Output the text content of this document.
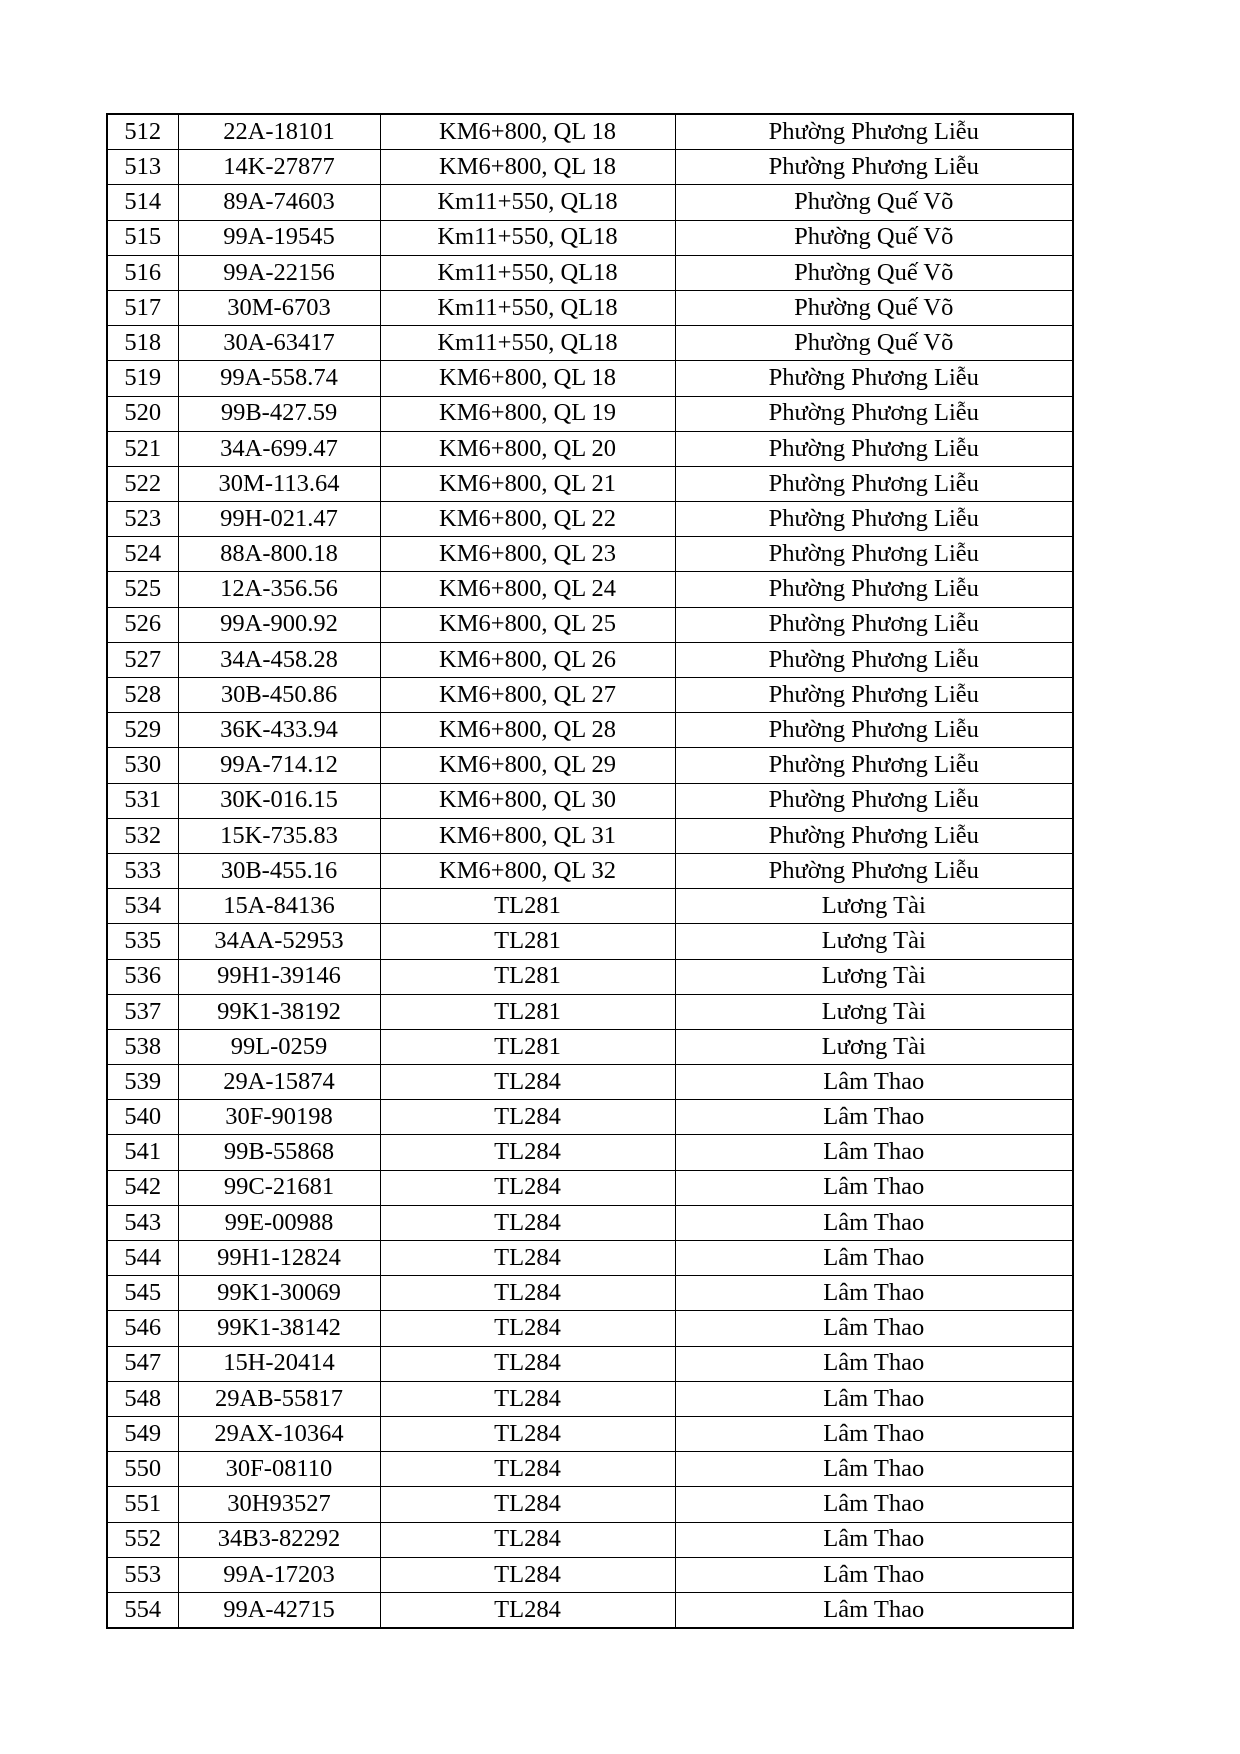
512	22A-18101	KM6+800, QL 18	Phường Phương Liễu
513	14K-27877	KM6+800, QL 18	Phường Phương Liễu
514	89A-74603	Km11+550, QL18	Phường Quế Võ
515	99A-19545	Km11+550, QL18	Phường Quế Võ
516	99A-22156	Km11+550, QL18	Phường Quế Võ
517	30M-6703	Km11+550, QL18	Phường Quế Võ
518	30A-63417	Km11+550, QL18	Phường Quế Võ
519	99A-558.74	KM6+800, QL 18	Phường Phương Liễu
520	99B-427.59	KM6+800, QL 19	Phường Phương Liễu
521	34A-699.47	KM6+800, QL 20	Phường Phương Liễu
522	30M-113.64	KM6+800, QL 21	Phường Phương Liễu
523	99H-021.47	KM6+800, QL 22	Phường Phương Liễu
524	88A-800.18	KM6+800, QL 23	Phường Phương Liễu
525	12A-356.56	KM6+800, QL 24	Phường Phương Liễu
526	99A-900.92	KM6+800, QL 25	Phường Phương Liễu
527	34A-458.28	KM6+800, QL 26	Phường Phương Liễu
528	30B-450.86	KM6+800, QL 27	Phường Phương Liễu
529	36K-433.94	KM6+800, QL 28	Phường Phương Liễu
530	99A-714.12	KM6+800, QL 29	Phường Phương Liễu
531	30K-016.15	KM6+800, QL 30	Phường Phương Liễu
532	15K-735.83	KM6+800, QL 31	Phường Phương Liễu
533	30B-455.16	KM6+800, QL 32	Phường Phương Liễu
534	15A-84136	TL281	Lương Tài
535	34AA-52953	TL281	Lương Tài
536	99H1-39146	TL281	Lương Tài
537	99K1-38192	TL281	Lương Tài
538	99L-0259	TL281	Lương Tài
539	29A-15874	TL284	Lâm Thao
540	30F-90198	TL284	Lâm Thao
541	99B-55868	TL284	Lâm Thao
542	99C-21681	TL284	Lâm Thao
543	99E-00988	TL284	Lâm Thao
544	99H1-12824	TL284	Lâm Thao
545	99K1-30069	TL284	Lâm Thao
546	99K1-38142	TL284	Lâm Thao
547	15H-20414	TL284	Lâm Thao
548	29AB-55817	TL284	Lâm Thao
549	29AX-10364	TL284	Lâm Thao
550	30F-08110	TL284	Lâm Thao
551	30H93527	TL284	Lâm Thao
552	34B3-82292	TL284	Lâm Thao
553	99A-17203	TL284	Lâm Thao
554	99A-42715	TL284	Lâm Thao
